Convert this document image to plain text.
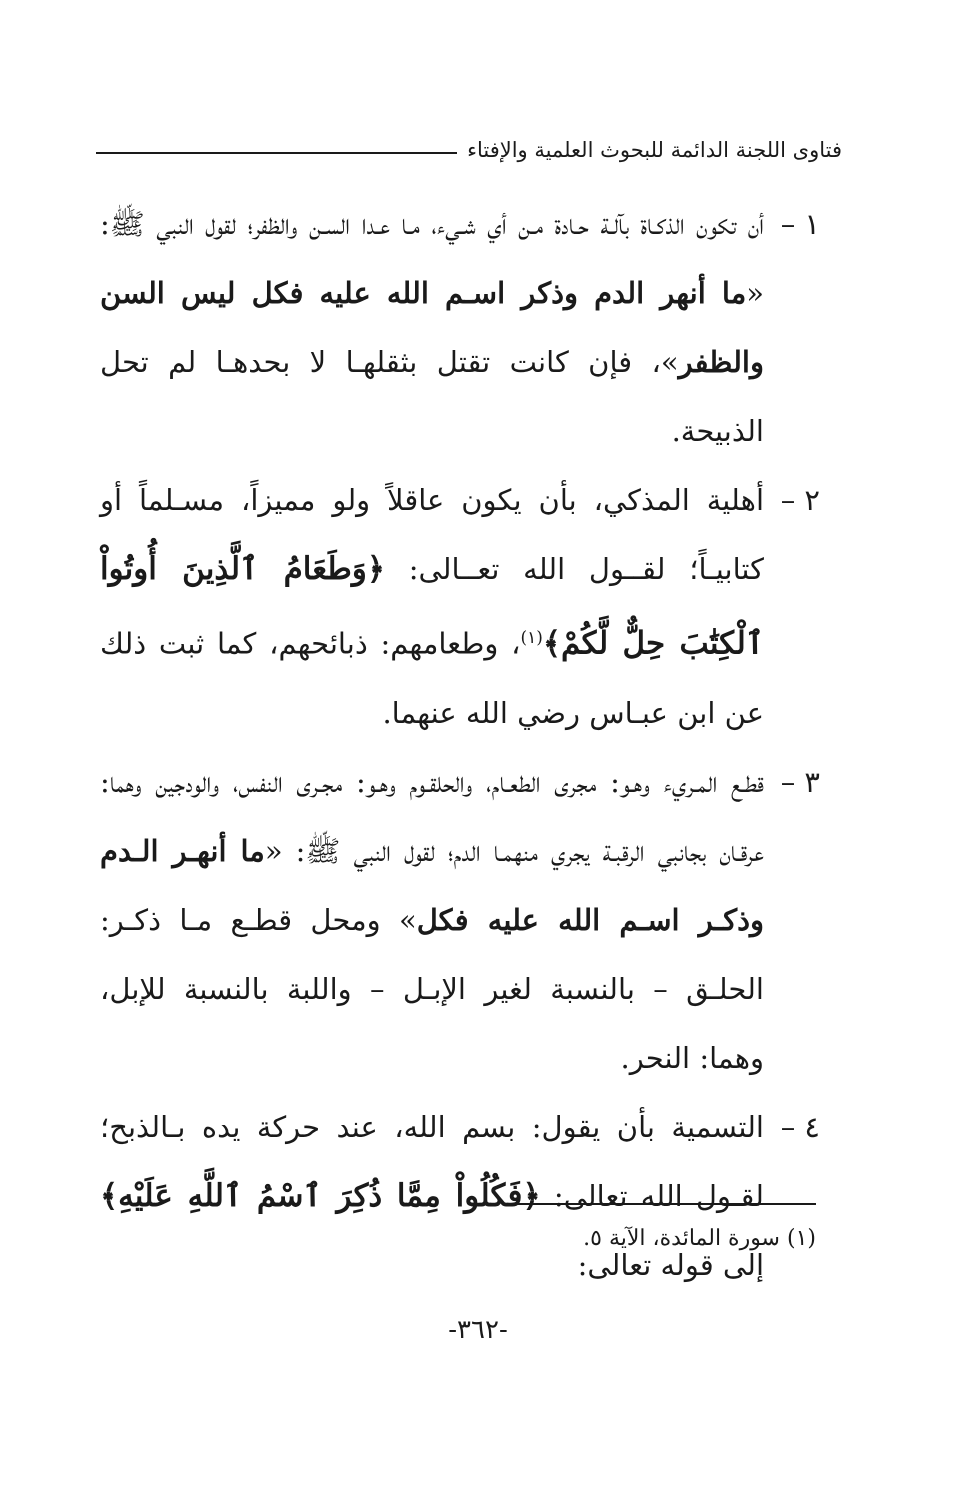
فتاوى اللجنة الدائمة للبحوث العلمية والإفتاء

١ –
أن تكون الذكـاة بآلـة حـادة مـن أي شـيء، مـا عـدا السـن والظفر؛ لقول النبي ﷺ: «ما أنهر الدم وذكر اسـم الله عليه فكل ليس السن والظفر»، فإن كانت تقتل بثقلهـا لا بحدهـا لم تحل الذبيحة.

٢ –
أهلية المذكي، بأن يكون عاقلاً ولو مميزاً، مسـلماً أو كتابيـاً؛ لقــول الله تعــالى: ﴿وَطَعَامُ ٱلَّذِينَ أُوتُواْ ٱلْكِتَٰبَ حِلٌّ لَّكُمْ﴾$^{(١)}$، وطعامهم: ذبائحهم، كما ثبت ذلك عن ابن عبـاس رضي الله عنهما.

٣ –
قطـع المـريء وهـو: مجرى الطعـام، والحلقـوم وهـو: مجـرى النفس، والودجين وهما: عرقـان بجانبي الرقبـة يجري منهمـا الدم؛ لقول النبي ﷺ: «ما أنهـر الـدم وذكـر اسـم الله عليه فكل» ومحل قطـع مـا ذكـر: الحلـق – بالنسبة لغير الإبـل – واللبة بالنسبة للإبل، وهما: النحر.

٤ –
التسمية بأن يقول: بسم الله، عند حركة يده بـالذبح؛ لقـول الله تعالى: ﴿فَكُلُواْ مِمَّا ذُكِرَ ٱسْمُ ٱللَّهِ عَلَيْهِ﴾ إلى قوله تعالى:

(١) سورة المائدة، الآية ٥.
-٣٦٢-
